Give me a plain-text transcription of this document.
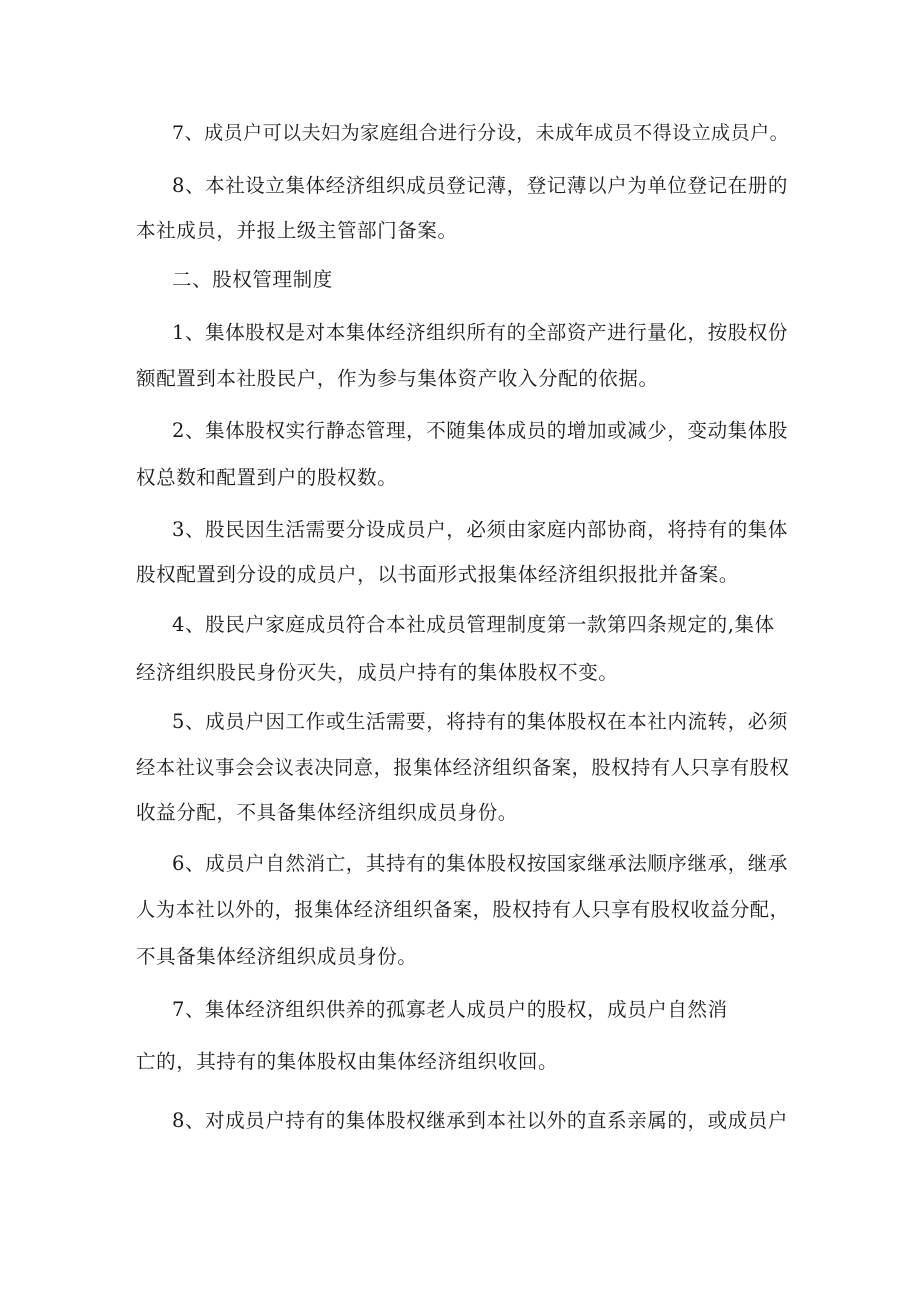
7、成员户可以夫妇为家庭组合进行分设，未成年成员不得设立成员户。
8、本社设立集体经济组织成员登记薄，登记薄以户为单位登记在册的
本社成员，并报上级主管部门备案。
二、股权管理制度
1、集体股权是对本集体经济组织所有的全部资产进行量化，按股权份
额配置到本社股民户，作为参与集体资产收入分配的依据。
2、集体股权实行静态管理，不随集体成员的增加或减少，变动集体股
权总数和配置到户的股权数。
3、股民因生活需要分设成员户，必须由家庭内部协商，将持有的集体
股权配置到分设的成员户，以书面形式报集体经济组织报批并备案。
4、股民户家庭成员符合本社成员管理制度第一款第四条规定的,集体
经济组织股民身份灭失，成员户持有的集体股权不变。
5、成员户因工作或生活需要，将持有的集体股权在本社内流转，必须
经本社议事会会议表决同意，报集体经济组织备案，股权持有人只享有股权
收益分配，不具备集体经济组织成员身份。
6、成员户自然消亡，其持有的集体股权按国家继承法顺序继承，继承
人为本社以外的，报集体经济组织备案，股权持有人只享有股权收益分配，
不具备集体经济组织成员身份。
7、集体经济组织供养的孤寡老人成员户的股权，成员户自然消
亡的，其持有的集体股权由集体经济组织收回。
8、对成员户持有的集体股权继承到本社以外的直系亲属的，或成员户
